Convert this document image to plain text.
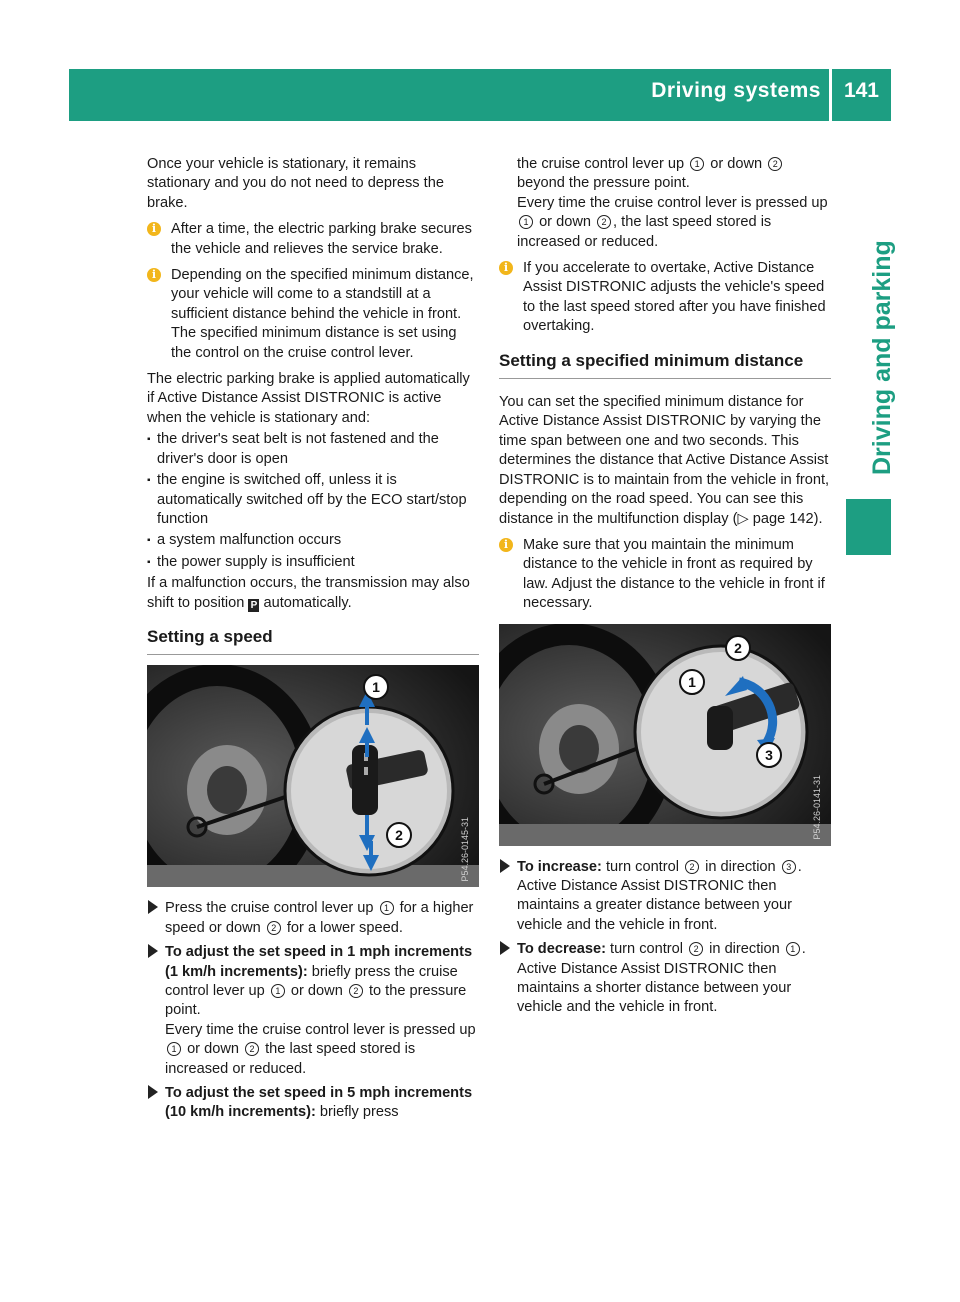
Driving systems 141
Driving and parking

Once your vehicle is stationary, it remains stationary and you do not need to depress the brake.

i	After a time, the electric parking brake secures the vehicle and relieves the service brake.
i	Depending on the specified minimum distance, your vehicle will come to a standstill at a sufficient distance behind the vehicle in front. The specified minimum distance is set using the control on the cruise control lever.

The electric parking brake is applied automatically if Active Distance Assist DISTRONIC is active when the vehicle is stationary and:

▪ the driver's seat belt is not fastened and the driver's door is open
▪ the engine is switched off, unless it is automatically switched off by the ECO start/stop function
▪ a system malfunction occurs
▪ the power supply is insufficient

If a malfunction occurs, the transmission may also shift to position P automatically.

Setting a speed
1
2	P54.26-0145-31
Press the cruise control lever up 1 for a higher speed or down 2 for a lower speed.
To adjust the set speed in 1 mph increments (1 km/h increments): briefly press the cruise control lever up 1 or down 2 to the pressure point.
Every time the cruise control lever is pressed up 1 or down 2 the last speed stored is increased or reduced.
To adjust the set speed in 5 mph increments (10 km/h increments): briefly press

the cruise control lever up 1 or down 2 beyond the pressure point.
Every time the cruise control lever is pressed up 1 or down 2 , the last speed stored is increased or reduced.

i	If you accelerate to overtake, Active Distance Assist DISTRONIC adjusts the vehicle's speed to the last speed stored after you have finished overtaking.
Setting a specified minimum distance

You can set the specified minimum distance for Active Distance Assist DISTRONIC by varying the time span between one and two seconds. This determines the distance that Active Distance Assist DISTRONIC is to maintain from the vehicle in front, depending on the road speed. You can see this distance in the multifunction display (▷ page 142).

i	Make sure that you maintain the minimum distance to the vehicle in front as required by law. Adjust the distance to the vehicle in front if necessary.
2
1
3
P54.26-0141-31
To increase: turn control 2 in direction 3 .
Active Distance Assist DISTRONIC then maintains a greater distance between your vehicle and the vehicle in front.
To decrease: turn control 2 in direction 1 .
Active Distance Assist DISTRONIC then maintains a shorter distance between your vehicle and the vehicle in front.
